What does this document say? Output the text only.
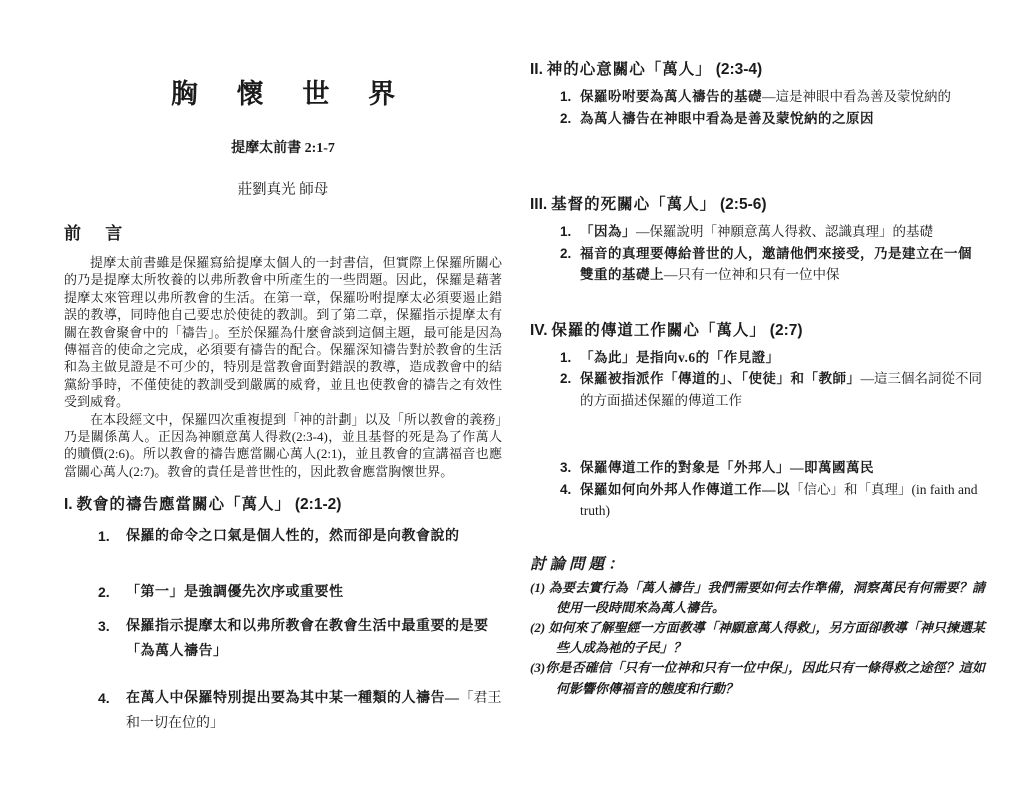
胸 懷 世 界
提摩太前書 2:1-7
莊劉真光 師母
前 言

提摩太前書雖是保羅寫給提摩太個人的一封書信，但實際上保羅所關心的乃是提摩太所牧養的以弗所教會中所產生的一些問題。因此，保羅是藉著提摩太來管理以弗所教會的生活。在第一章，保羅吩咐提摩太必須要遏止錯誤的教導，同時他自己要忠於使徒的教訓。到了第二章，保羅指示提摩太有關在教會聚會中的「禱告」。至於保羅為什麼會談到這個主題，最可能是因為傳福音的使命之完成，必須要有禱告的配合。保羅深知禱告對於教會的生活和為主做見證是不可少的，特別是當教會面對錯誤的教導，造成教會中的結黨紛爭時，不僅使徒的教訓受到嚴厲的威脅，並且也使教會的禱告之有效性受到威脅。

在本段經文中，保羅四次重複提到「神的計劃」以及「所以教會的義務」乃是關係萬人。正因為神願意萬人得救(2:3-4)，並且基督的死是為了作萬人的贖價(2:6)。所以教會的禱告應當關心萬人(2:1)，並且教會的宣講福音也應當關心萬人(2:7)。教會的責任是普世性的，因此教會應當胸懷世界。

I. 教會的禱告應當關心「萬人」 (2:1-2)
1.	保羅的命令之口氣是個人性的，然而卻是向教會說的
2.	「第一」是強調優先次序或重要性
3.	保羅指示提摩太和以弗所教會在教會生活中最重要的是要「為萬人禱告」
4.	在萬人中保羅特別提出要為其中某一種類的人禱告—「君王和一切在位的」
II. 神的心意關心「萬人」 (2:3-4)
1. 保羅吩咐要為萬人禱告的基礎—這是神眼中看為善及蒙悅納的
2. 為萬人禱告在神眼中看為是善及蒙悅納的之原因
III. 基督的死關心「萬人」 (2:5-6)
1. 「因為」—保羅說明「神願意萬人得救、認識真理」的基礎
2. 福音的真理要傳給普世的人，邀請他們來接受，乃是建立在一個雙重的基礎上—只有一位神和只有一位中保
IV. 保羅的傳道工作關心「萬人」 (2:7)
1. 「為此」是指向v.6的「作見證」
2. 保羅被指派作「傳道的」、「使徒」和「教師」—這三個名詞從不同的方面描述保羅的傳道工作
3. 保羅傳道工作的對象是「外邦人」—即萬國萬民
4. 保羅如何向外邦人作傳道工作—以「信心」和「真理」(in faith and truth)
討論問題：
(1) 為要去實行為「萬人禱告」我們需要如何去作準備，洞察萬民有何需要？請使用一段時間來為萬人禱告。
(2) 如何來了解聖經一方面教導「神願意萬人得救」，另方面卻教導「神只揀選某些人成為祂的子民」？
(3)你是否確信「只有一位神和只有一位中保」，因此只有一條得救之途徑？這如何影響你傳福音的態度和行動？
